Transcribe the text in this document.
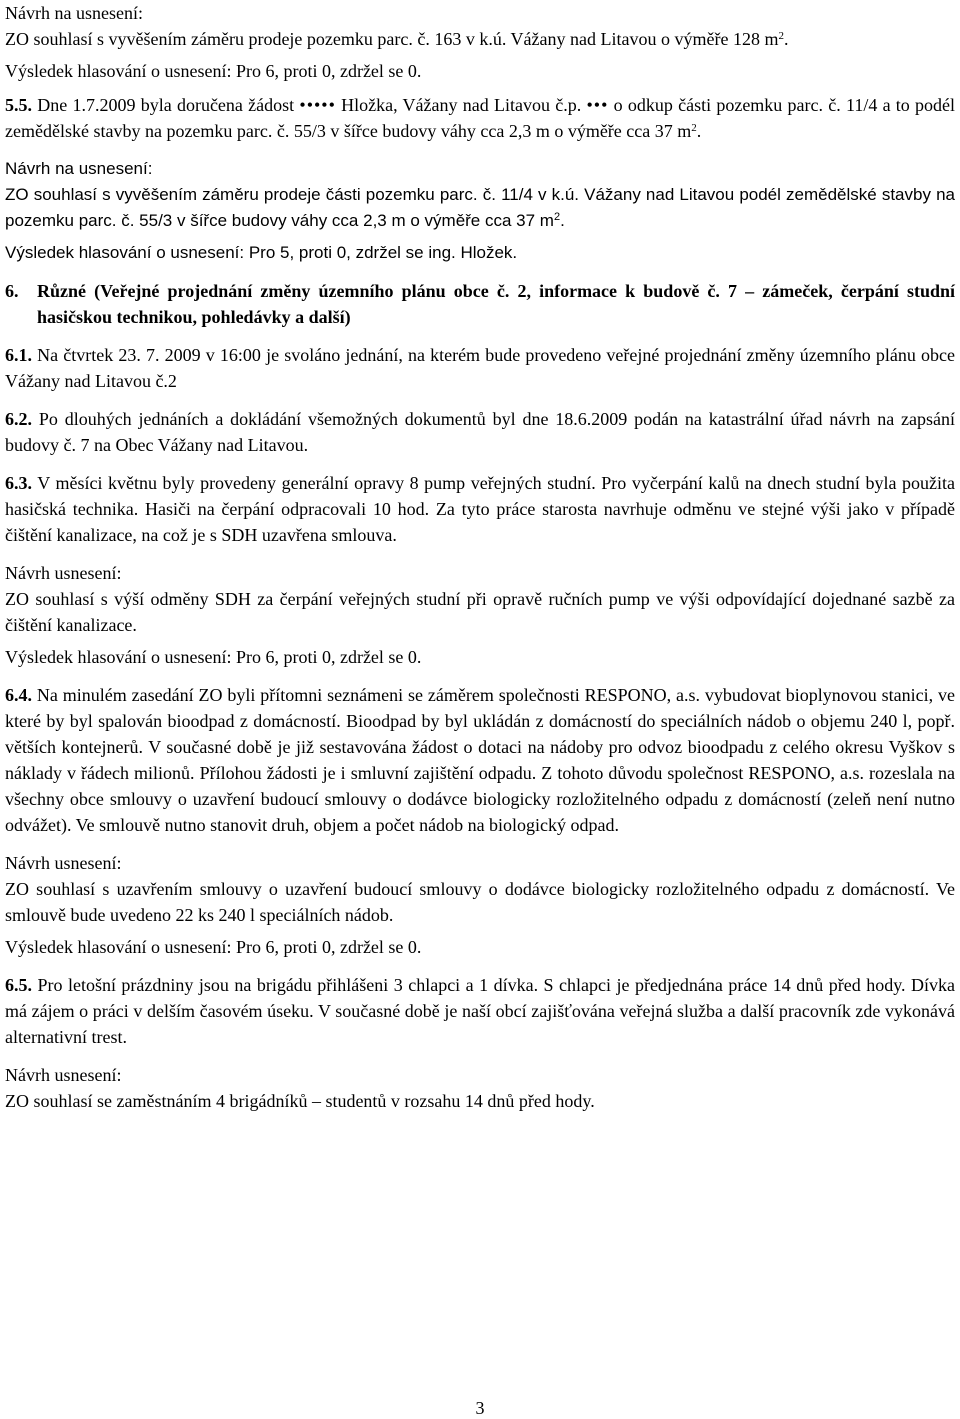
Návrh na usnesení:

ZO souhlasí s vyvěšením záměru prodeje pozemku parc. č. 163 v k.ú. Vážany nad Litavou o výměře 128 $m^2$.

Výsledek hlasování o usnesení: Pro 6, proti 0, zdržel se 0.

5.5. Dne 1.7.2009 byla doručena žádost ••••• Hložka, Vážany nad Litavou č.p. ••• o odkup části pozemku parc. č. 11/4 a to podél zemědělské stavby na pozemku parc. č. 55/3 v šířce budovy váhy cca 2,3 m o výměře cca 37 $m^2$.

Návrh na usnesení:

ZO souhlasí s vyvěšením záměru prodeje části pozemku parc. č. 11/4 v k.ú. Vážany nad Litavou podél zemědělské stavby na pozemku parc. č. 55/3 v šířce budovy váhy cca 2,3 m o výměře cca 37 $m^2$.

Výsledek hlasování o usnesení: Pro 5, proti 0, zdržel se ing. Hložek.

6.	Různé (Veřejné projednání změny územního plánu obce č. 2, informace k budově č. 7 – zámeček, čerpání studní hasičskou technikou, pohledávky a další)

6.1. Na čtvrtek 23. 7. 2009 v 16:00 je svoláno jednání, na kterém bude provedeno veřejné projednání změny územního plánu obce Vážany nad Litavou č.2

6.2. Po dlouhých jednáních a dokládání všemožných dokumentů byl dne 18.6.2009 podán na katastrální úřad návrh na zapsání budovy č. 7 na Obec Vážany nad Litavou.

6.3. V měsíci květnu byly provedeny generální opravy 8 pump veřejných studní. Pro vyčerpání kalů na dnech studní byla použita hasičská technika. Hasiči na čerpání odpracovali 10 hod. Za tyto práce starosta navrhuje odměnu ve stejné výši jako v případě čištění kanalizace, na což je s SDH uzavřena smlouva.

Návrh usnesení:

ZO souhlasí s výší odměny SDH za čerpání veřejných studní při opravě ručních pump ve výši odpovídající dojednané sazbě za čištění kanalizace.

Výsledek hlasování o usnesení: Pro 6, proti 0, zdržel se 0.

6.4. Na minulém zasedání ZO byli přítomni seznámeni se záměrem společnosti RESPONO, a.s. vybudovat bioplynovou stanici, ve které by byl spalován bioodpad z domácností. Bioodpad by byl ukládán z domácností do speciálních nádob o objemu 240 l, popř. větších kontejnerů. V současné době je již sestavována žádost o dotaci na nádoby pro odvoz bioodpadu z celého okresu Vyškov s náklady v řádech milionů. Přílohou žádosti je i smluvní zajištění odpadu. Z tohoto důvodu společnost RESPONO, a.s. rozeslala na všechny obce smlouvy o uzavření budoucí smlouvy o dodávce biologicky rozložitelného odpadu z domácností (zeleň není nutno odvážet). Ve smlouvě nutno stanovit druh, objem a počet nádob na biologický odpad.

Návrh usnesení:

ZO souhlasí s uzavřením smlouvy o uzavření budoucí smlouvy o dodávce biologicky rozložitelného odpadu z domácností. Ve smlouvě bude uvedeno 22 ks 240 l speciálních nádob.

Výsledek hlasování o usnesení: Pro 6, proti 0, zdržel se 0.

6.5. Pro letošní prázdniny jsou na brigádu přihlášeni 3 chlapci a 1 dívka. S chlapci je předjednána práce 14 dnů před hody. Dívka má zájem o práci v delším časovém úseku. V současné době je naší obcí zajišťována veřejná služba a další pracovník zde vykonává alternativní trest.

Návrh usnesení:

ZO souhlasí se zaměstnáním 4 brigádníků – studentů v rozsahu 14 dnů před hody.

3
